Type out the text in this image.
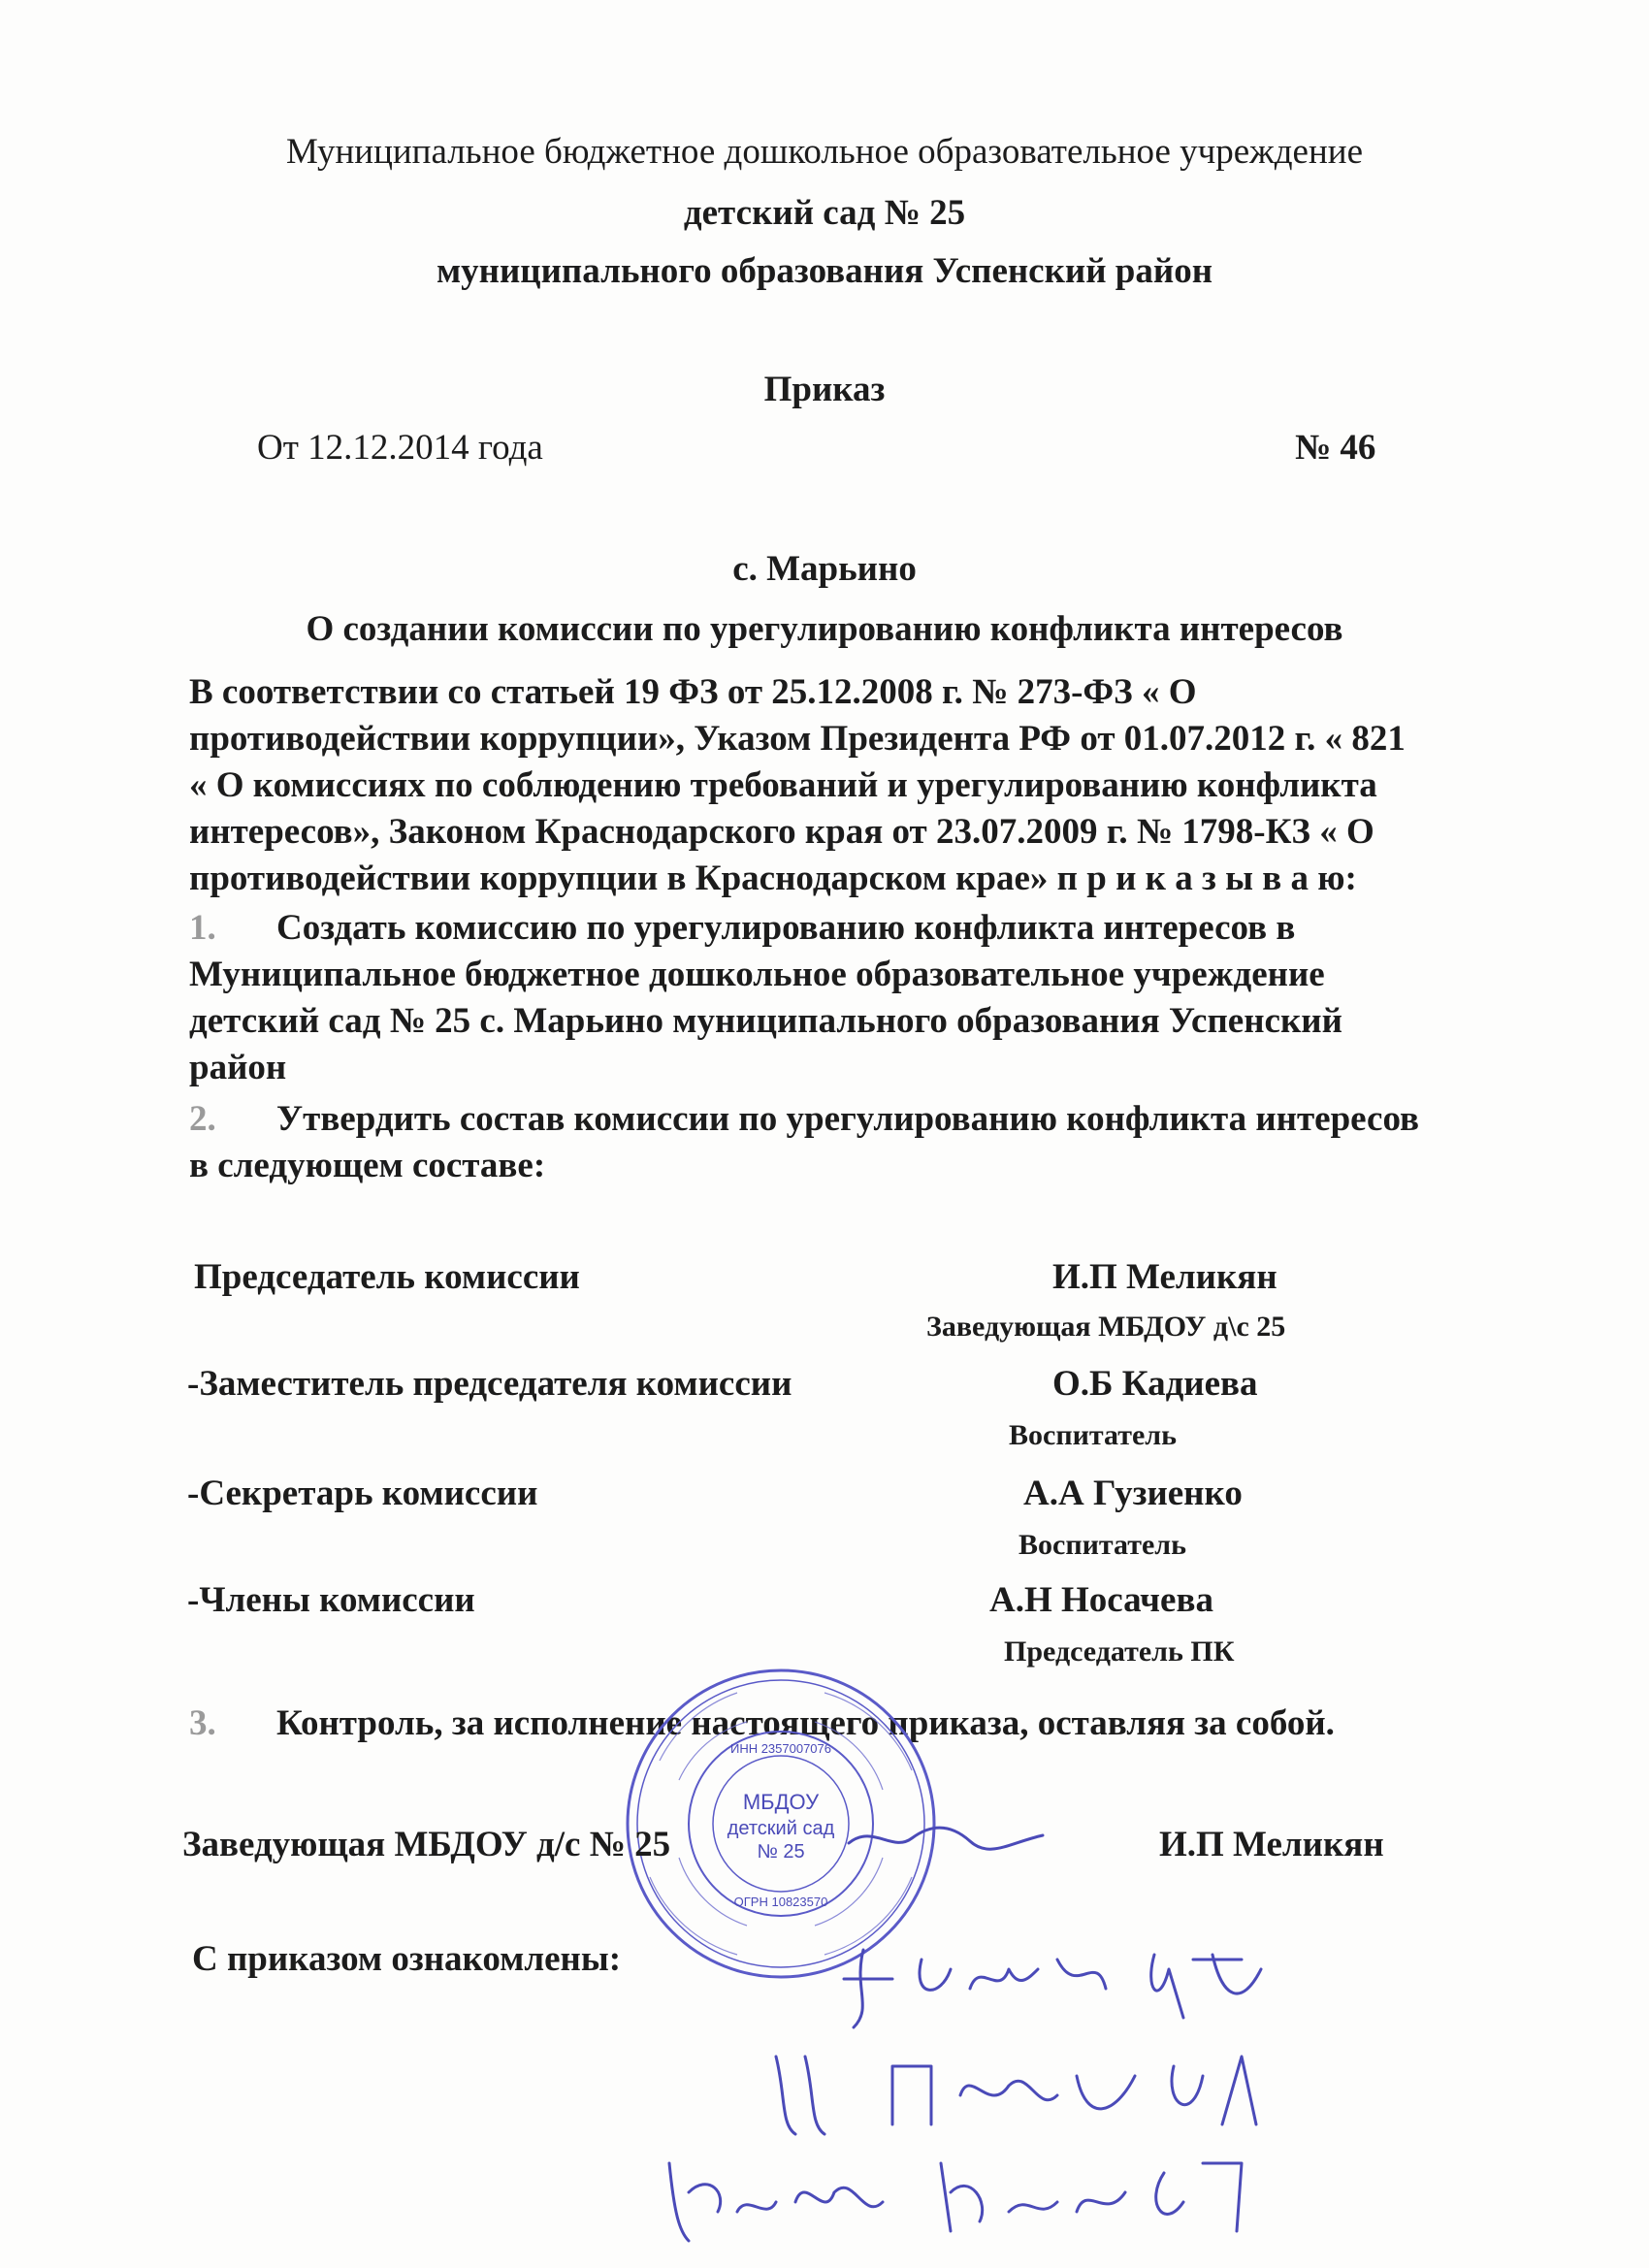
Муниципальное бюджетное дошкольное образовательное учреждение
детский сад № 25
муниципального образования Успенский район
Приказ
От 12.12.2014 года	№ 46
с. Марьино
О создании комиссии по урегулированию конфликта интересов
В соответствии со статьей 19 ФЗ от 25.12.2008 г. № 273-ФЗ « О
противодействии коррупции», Указом Президента РФ от 01.07.2012 г. « 821
« О комиссиях по соблюдению требований и урегулированию конфликта
интересов», Законом Краснодарского края от 23.07.2009 г. № 1798-КЗ « О
противодействии коррупции в Краснодарском крае» п р и к а з ы в а ю:
1. Создать комиссию по урегулированию конфликта интересов в
Муниципальное бюджетное дошкольное образовательное учреждение
детский сад № 25 с. Марьино муниципального образования Успенский
район
2. Утвердить состав комиссии по урегулированию конфликта интересов
в следующем составе:
Председатель комиссии	И.П Меликян
Заведующая МБДОУ д\с 25
-Заместитель председателя комиссии	О.Б Кадиева
Воспитатель
-Секретарь комиссии	А.А Гузиенко
Воспитатель
-Члены комиссии	А.Н Носачева
Председатель ПК
3. Контроль, за исполнение настоящего приказа, оставляя за собой.
МБДОУ
детский сад
№ 25
ИНН 2357007076
ОГРН 10823570
Заведующая МБДОУ д/с № 25	И.П Меликян
С приказом ознакомлены:
